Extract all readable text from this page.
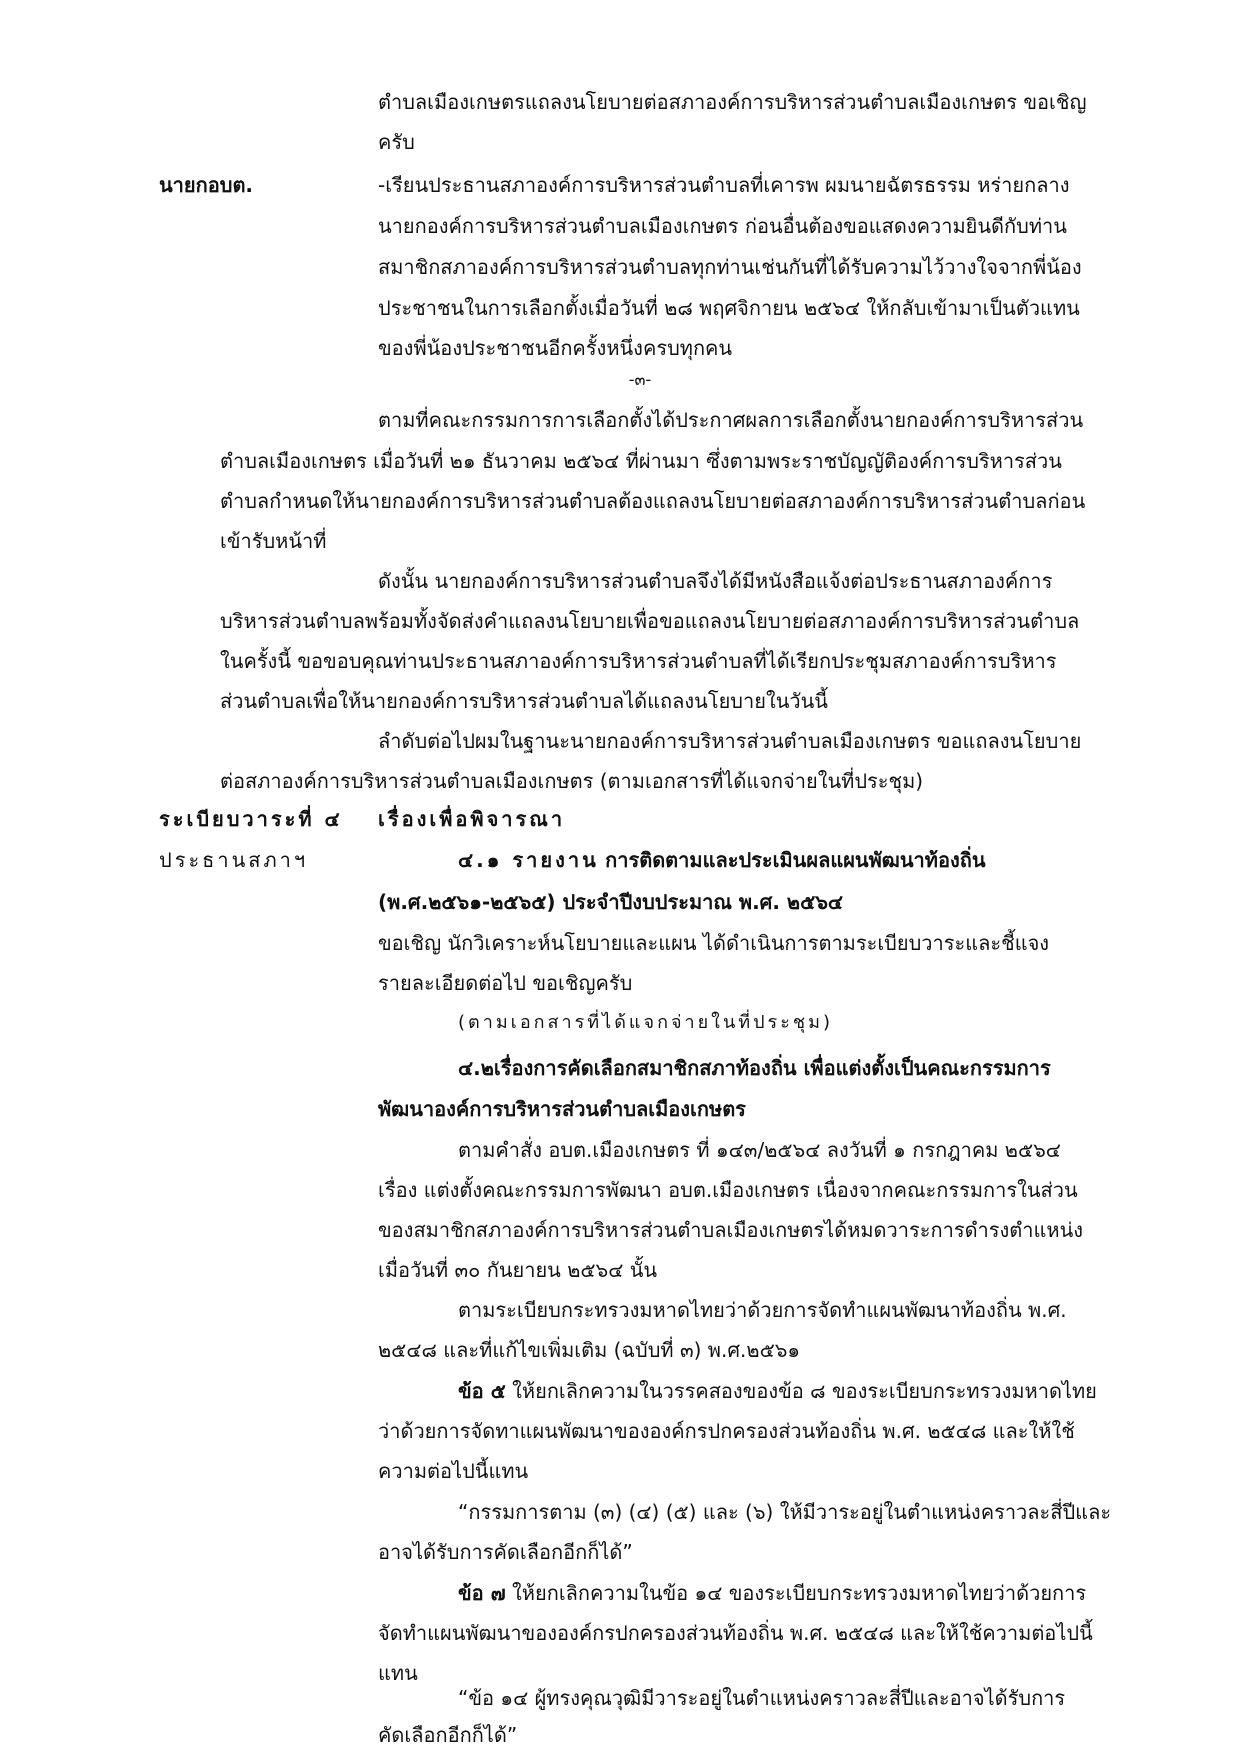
ตำบลเมืองเกษตรแถลงนโยบายต่อสภาองค์การบริหารส่วนตำบลเมืองเกษตร ขอเชิญ
ครับ
นายกอบต.	-เรียนประธานสภาองค์การบริหารส่วนตำบลที่เคารพ ผมนายฉัตรธรรม หร่ายกลาง
นายกองค์การบริหารส่วนตำบลเมืองเกษตร ก่อนอื่นต้องขอแสดงความยินดีกับท่าน
สมาชิกสภาองค์การบริหารส่วนตำบลทุกท่านเช่นกันที่ได้รับความไว้วางใจจากพี่น้อง
ประชาชนในการเลือกตั้งเมื่อวันที่ ๒๘ พฤศจิกายน ๒๕๖๔ ให้กลับเข้ามาเป็นตัวแทน
ของพี่น้องประชาชนอีกครั้งหนึ่งครบทุกคน
-๓-
ตามที่คณะกรรมการการเลือกตั้งได้ประกาศผลการเลือกตั้งนายกองค์การบริหารส่วน
ตำบลเมืองเกษตร เมื่อวันที่ ๒๑ ธันวาคม ๒๕๖๔ ที่ผ่านมา ซึ่งตามพระราชบัญญัติองค์การบริหารส่วน
ตำบลกำหนดให้นายกองค์การบริหารส่วนตำบลต้องแถลงนโยบายต่อสภาองค์การบริหารส่วนตำบลก่อน
เข้ารับหน้าที่
ดังนั้น นายกองค์การบริหารส่วนตำบลจึงได้มีหนังสือแจ้งต่อประธานสภาองค์การ
บริหารส่วนตำบลพร้อมทั้งจัดส่งคำแถลงนโยบายเพื่อขอแถลงนโยบายต่อสภาองค์การบริหารส่วนตำบล
ในครั้งนี้ ขอขอบคุณท่านประธานสภาองค์การบริหารส่วนตำบลที่ได้เรียกประชุมสภาองค์การบริหาร
ส่วนตำบลเพื่อให้นายกองค์การบริหารส่วนตำบลได้แถลงนโยบายในวันนี้
ลำดับต่อไปผมในฐานะนายกองค์การบริหารส่วนตำบลเมืองเกษตร ขอแถลงนโยบาย
ต่อสภาองค์การบริหารส่วนตำบลเมืองเกษตร (ตามเอกสารที่ได้แจกจ่ายในที่ประชุม)
ระเบียบวาระที่ ๔ เรื่องเพื่อพิจารณา
ประธานสภาฯ	๔.๑ รายงาน การติดตามและประเมินผลแผนพัฒนาท้องถิ่น
(พ.ศ.๒๕๖๑-๒๕๖๕) ประจำปีงบประมาณ พ.ศ. ๒๕๖๔
ขอเชิญ นักวิเคราะห์นโยบายและแผน ได้ดำเนินการตามระเบียบวาระและชี้แจง
รายละเอียดต่อไป ขอเชิญครับ
(ตามเอกสารที่ได้แจกจ่ายในที่ประชุม)
๔.๒เรื่องการคัดเลือกสมาชิกสภาท้องถิ่น เพื่อแต่งตั้งเป็นคณะกรรมการ
พัฒนาองค์การบริหารส่วนตำบลเมืองเกษตร
ตามคำสั่ง อบต.เมืองเกษตร ที่ ๑๔๓/๒๕๖๔ ลงวันที่ ๑ กรกฎาคม ๒๕๖๔
เรื่อง แต่งตั้งคณะกรรมการพัฒนา อบต.เมืองเกษตร เนื่องจากคณะกรรมการในส่วน
ของสมาชิกสภาองค์การบริหารส่วนตำบลเมืองเกษตรได้หมดวาระการดำรงตำแหน่ง
เมื่อวันที่ ๓๐ กันยายน ๒๕๖๔ นั้น
ตามระเบียบกระทรวงมหาดไทยว่าด้วยการจัดทำแผนพัฒนาท้องถิ่น พ.ศ.
๒๕๔๘ และที่แก้ไขเพิ่มเติม (ฉบับที่ ๓) พ.ศ.๒๕๖๑
ข้อ ๕ ให้ยกเลิกความในวรรคสองของข้อ ๘ ของระเบียบกระทรวงมหาดไทย
ว่าด้วยการจัดทาแผนพัฒนาขององค์กรปกครองส่วนท้องถิ่น พ.ศ. ๒๕๔๘ และให้ใช้
ความต่อไปนี้แทน
“กรรมการตาม (๓) (๔) (๕) และ (๖) ให้มีวาระอยู่ในตำแหน่งคราวละสี่ปีและ
อาจได้รับการคัดเลือกอีกก็ได้”
ข้อ ๗ ให้ยกเลิกความในข้อ ๑๔ ของระเบียบกระทรวงมหาดไทยว่าด้วยการ
จัดทำแผนพัฒนาขององค์กรปกครองส่วนท้องถิ่น พ.ศ. ๒๕๔๘ และให้ใช้ความต่อไปนี้
แทน
“ข้อ ๑๔ ผู้ทรงคุณวุฒิมีวาระอยู่ในตำแหน่งคราวละสี่ปีและอาจได้รับการ
คัดเลือกอีกก็ได้”
